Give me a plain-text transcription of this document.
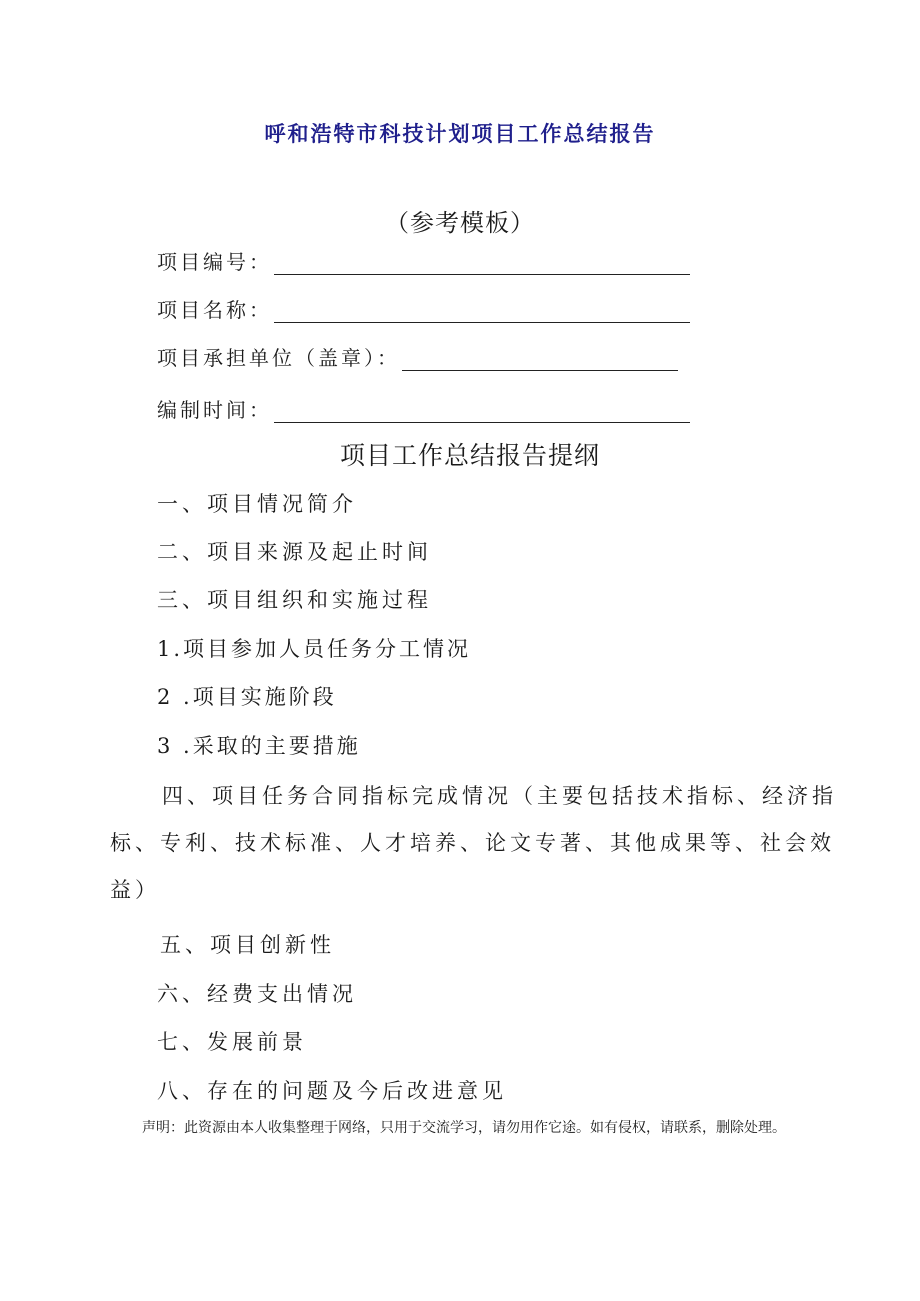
呼和浩特市科技计划项目工作总结报告
（参考模板）
项目编号：
项目名称：
项目承担单位（盖章）：
编制时间：
项目工作总结报告提纲
一、项目情况简介
二、项目来源及起止时间
三、项目组织和实施过程
1.项目参加人员任务分工情况
2 .项目实施阶段
3 .采取的主要措施
四、项目任务合同指标完成情况（主要包括技术指标、经济指标、专利、技术标准、人才培养、论文专著、其他成果等、社会效益）
五、项目创新性
六、经费支出情况
七、发展前景
八、存在的问题及今后改进意见
声明：此资源由本人收集整理于网络，只用于交流学习，请勿用作它途。如有侵权，请联系，删除处理。
